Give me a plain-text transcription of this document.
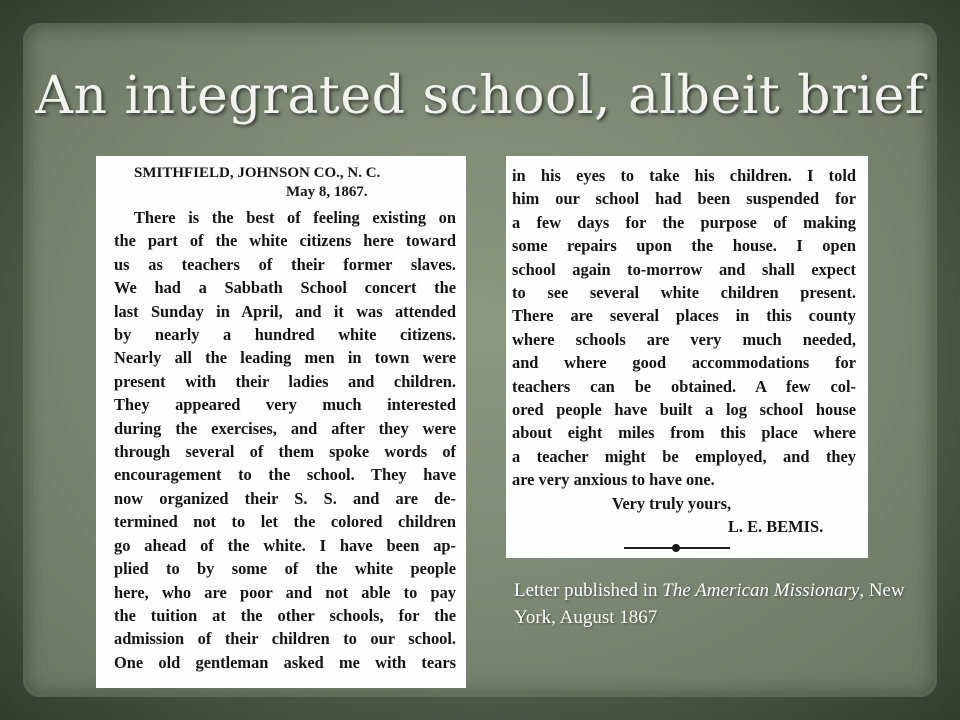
An integrated school, albeit brief
SMITHFIELD, JOHNSON CO., N. C.
May 8, 1867.
There is the best of feeling existing on
the part of the white citizens here toward
us as teachers of their former slaves.
We had a Sabbath School concert the
last Sunday in April, and it was attended
by nearly a hundred white citizens.
Nearly all the leading men in town were
present with their ladies and children.
They appeared very much interested
during the exercises, and after they were
through several of them spoke words of
encouragement to the school. They have
now organized their S. S. and are de-
termined not to let the colored children
go ahead of the white. I have been ap-
plied to by some of the white people
here, who are poor and not able to pay
the tuition at the other schools, for the
admission of their children to our school.
One old gentleman asked me with tears
in his eyes to take his children. I told
him our school had been suspended for
a few days for the purpose of making
some repairs upon the house. I open
school again to-morrow and shall expect
to see several white children present.
There are several places in this county
where schools are very much needed,
and where good accommodations for
teachers can be obtained. A few col-
ored people have built a log school house
about eight miles from this place where
a teacher might be employed, and they
are very anxious to have one.
Very truly yours,
L. E. BEMIS.
Letter published in The American Missionary, New York, August 1867
